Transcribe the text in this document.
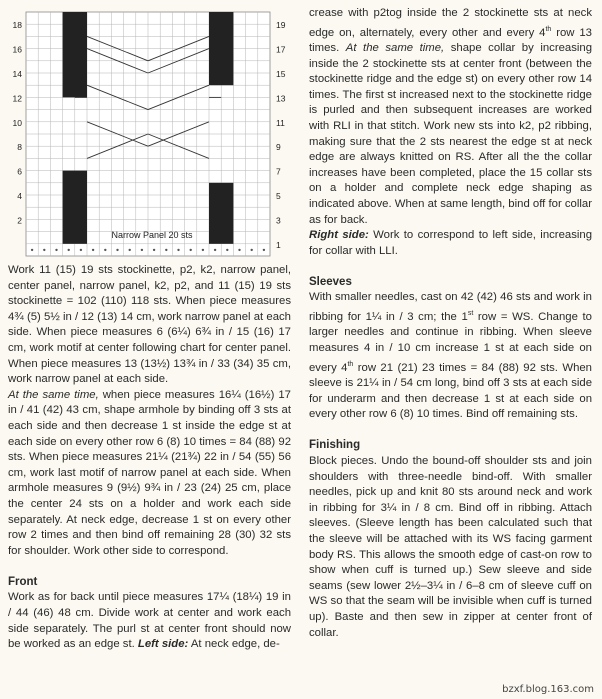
18
16
14
12
10
8
6
4
2
19
17
15
13
11
9
7
5
3
1
Narrow Panel 20 sts

Work 11 (15) 19 sts stockinette, p2, k2, narrow panel, center panel, narrow panel, k2, p2, and 11 (15) 19 sts stockinette = 102 (110) 118 sts. When piece measures 4¾ (5) 5½ in / 12 (13) 14 cm, work narrow panel at each side. When piece measures 6 (6¼) 6¾ in / 15 (16) 17 cm, work motif at center following chart for center panel. When piece measures 13 (13½) 13¾ in / 33 (34) 35 cm, work narrow panel at each side.

At the same time, when piece measures 16¼ (16½) 17 in / 41 (42) 43 cm, shape armhole by binding off 3 sts at each side and then decrease 1 st inside the edge st at each side on every other row 6 (8) 10 times = 84 (88) 92 sts. When piece measures 21¼ (21¾) 22 in / 54 (55) 56 cm, work last motif of narrow panel at each side. When armhole measures 9 (9½) 9¾ in / 23 (24) 25 cm, place the center 24 sts on a holder and work each side separately. At neck edge, decrease 1 st on every other row 2 times and then bind off remaining 28 (30) 32 sts for shoulder. Work other side to correspond.

Front

Work as for back until piece measures 17¼ (18¼) 19 in / 44 (46) 48 cm. Divide work at center and work each side separately. The purl st at center front should now be worked as an edge st. Left side: At neck edge, de-

crease with p2tog inside the 2 stockinette sts at neck edge on, alternately, every other and every 4th row 13 times. At the same time, shape collar by increasing inside the 2 stockinette sts at center front (between the stockinette ridge and the edge st) on every other row 14 times. The first st increased next to the stockinette ridge is purled and then subsequent increases are worked with RLI in that stitch. Work new sts into k2, p2 ribbing, making sure that the 2 sts nearest the edge st at neck edge are always knitted on RS. After all the the collar increases have been completed, place the 15 collar sts on a holder and complete neck edge shaping as indicated above. When at same length, bind off for collar as for back.

Right side: Work to correspond to left side, increasing for collar with LLI.

Sleeves

With smaller needles, cast on 42 (42) 46 sts and work in ribbing for 1¼ in / 3 cm; the 1st row = WS. Change to larger needles and continue in ribbing. When sleeve measures 4 in / 10 cm increase 1 st at each side on every 4th row 21 (21) 23 times = 84 (88) 92 sts. When sleeve is 21¼ in / 54 cm long, bind off 3 sts at each side for underarm and then decrease 1 st at each side on every other row 6 (8) 10 times. Bind off remaining sts.

Finishing

Block pieces. Undo the bound-off shoulder sts and join shoulders with three-needle bind-off. With smaller needles, pick up and knit 80 sts around neck and work in ribbing for 3¼ in / 8 cm. Bind off in ribbing. Attach sleeves. (Sleeve length has been calculated such that the sleeve will be attached with its WS facing garment body RS. This allows the smooth edge of cast-on row to show when cuff is turned up.) Sew sleeve and side seams (sew lower 2½–3¼ in / 6–8 cm of sleeve cuff on WS so that the seam will be invisible when cuff is turned up). Baste and then sew in zipper at center front of collar.

bzxf.blog.163.com
